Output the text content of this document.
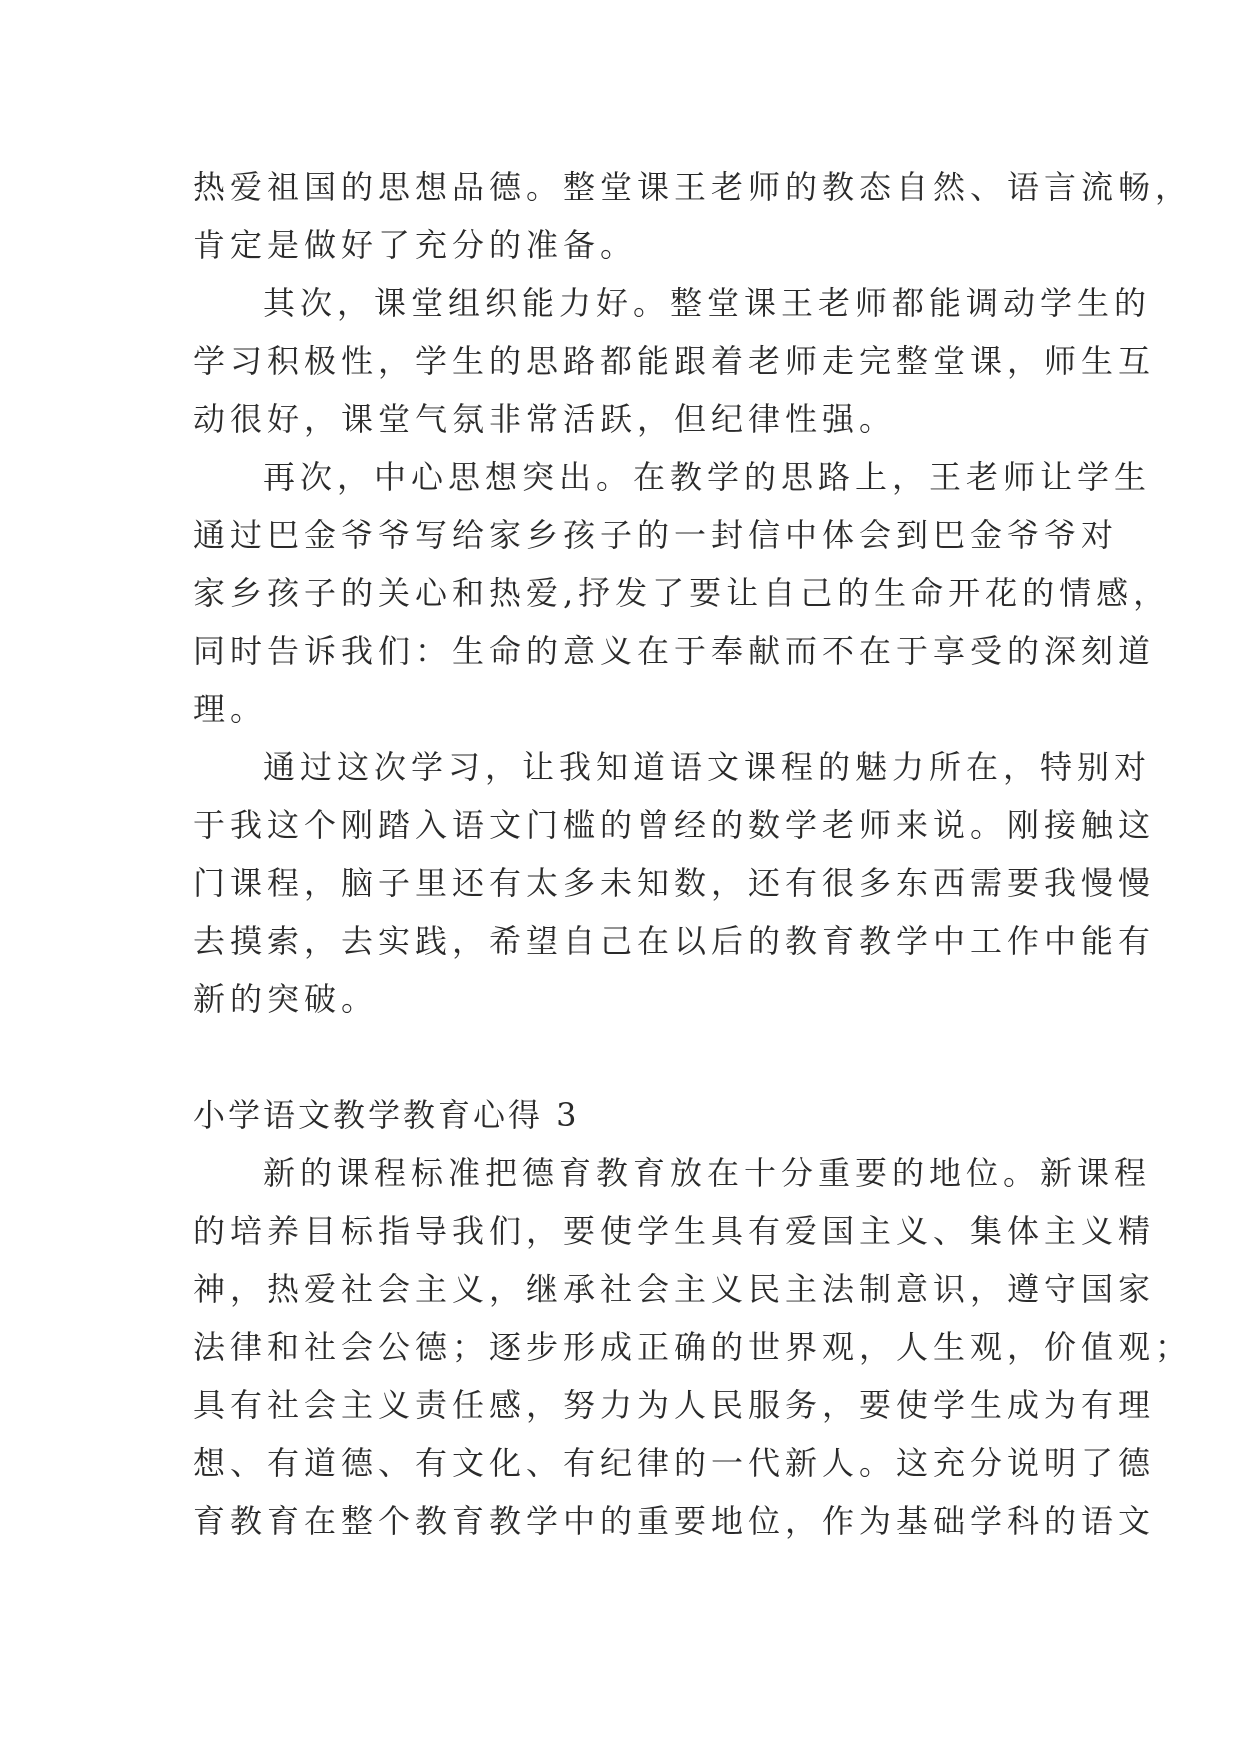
热爱祖国的思想品德。整堂课王老师的教态自然、语言流畅，
肯定是做好了充分的准备。
其次，课堂组织能力好。整堂课王老师都能调动学生的
学习积极性，学生的思路都能跟着老师走完整堂课，师生互
动很好，课堂气氛非常活跃，但纪律性强。
再次，中心思想突出。在教学的思路上，王老师让学生
通过巴金爷爷写给家乡孩子的一封信中体会到巴金爷爷对
家乡孩子的关心和热爱,抒发了要让自己的生命开花的情感，
同时告诉我们：生命的意义在于奉献而不在于享受的深刻道
理。
通过这次学习，让我知道语文课程的魅力所在，特别对
于我这个刚踏入语文门槛的曾经的数学老师来说。刚接触这
门课程，脑子里还有太多未知数，还有很多东西需要我慢慢
去摸索，去实践，希望自己在以后的教育教学中工作中能有
新的突破。
小学语文教学教育心得 3
新的课程标准把德育教育放在十分重要的地位。新课程
的培养目标指导我们，要使学生具有爱国主义、集体主义精
神，热爱社会主义，继承社会主义民主法制意识，遵守国家
法律和社会公德；逐步形成正确的世界观，人生观，价值观；
具有社会主义责任感，努力为人民服务，要使学生成为有理
想、有道德、有文化、有纪律的一代新人。这充分说明了德
育教育在整个教育教学中的重要地位，作为基础学科的语文
